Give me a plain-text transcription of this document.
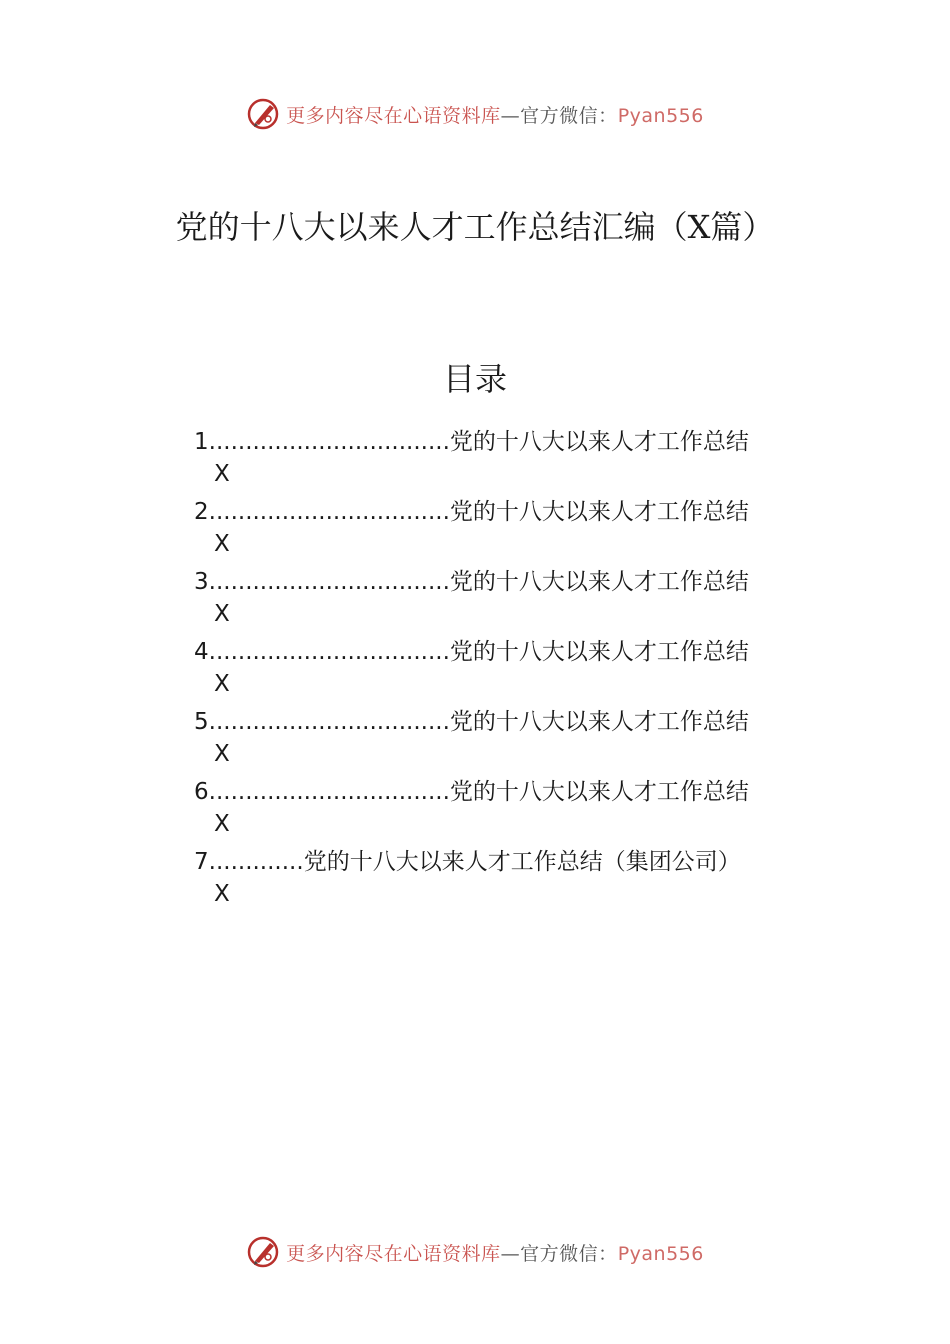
更多内容尽在心语资料库—官方微信：Pyan556
党的十八大以来人才工作总结汇编（X篇）
目录
1.................................党的十八大以来人才工作总结
X
2.................................党的十八大以来人才工作总结
X
3.................................党的十八大以来人才工作总结
X
4.................................党的十八大以来人才工作总结
X
5.................................党的十八大以来人才工作总结
X
6.................................党的十八大以来人才工作总结
X
7.............党的十八大以来人才工作总结（集团公司）
X
更多内容尽在心语资料库—官方微信：Pyan556
